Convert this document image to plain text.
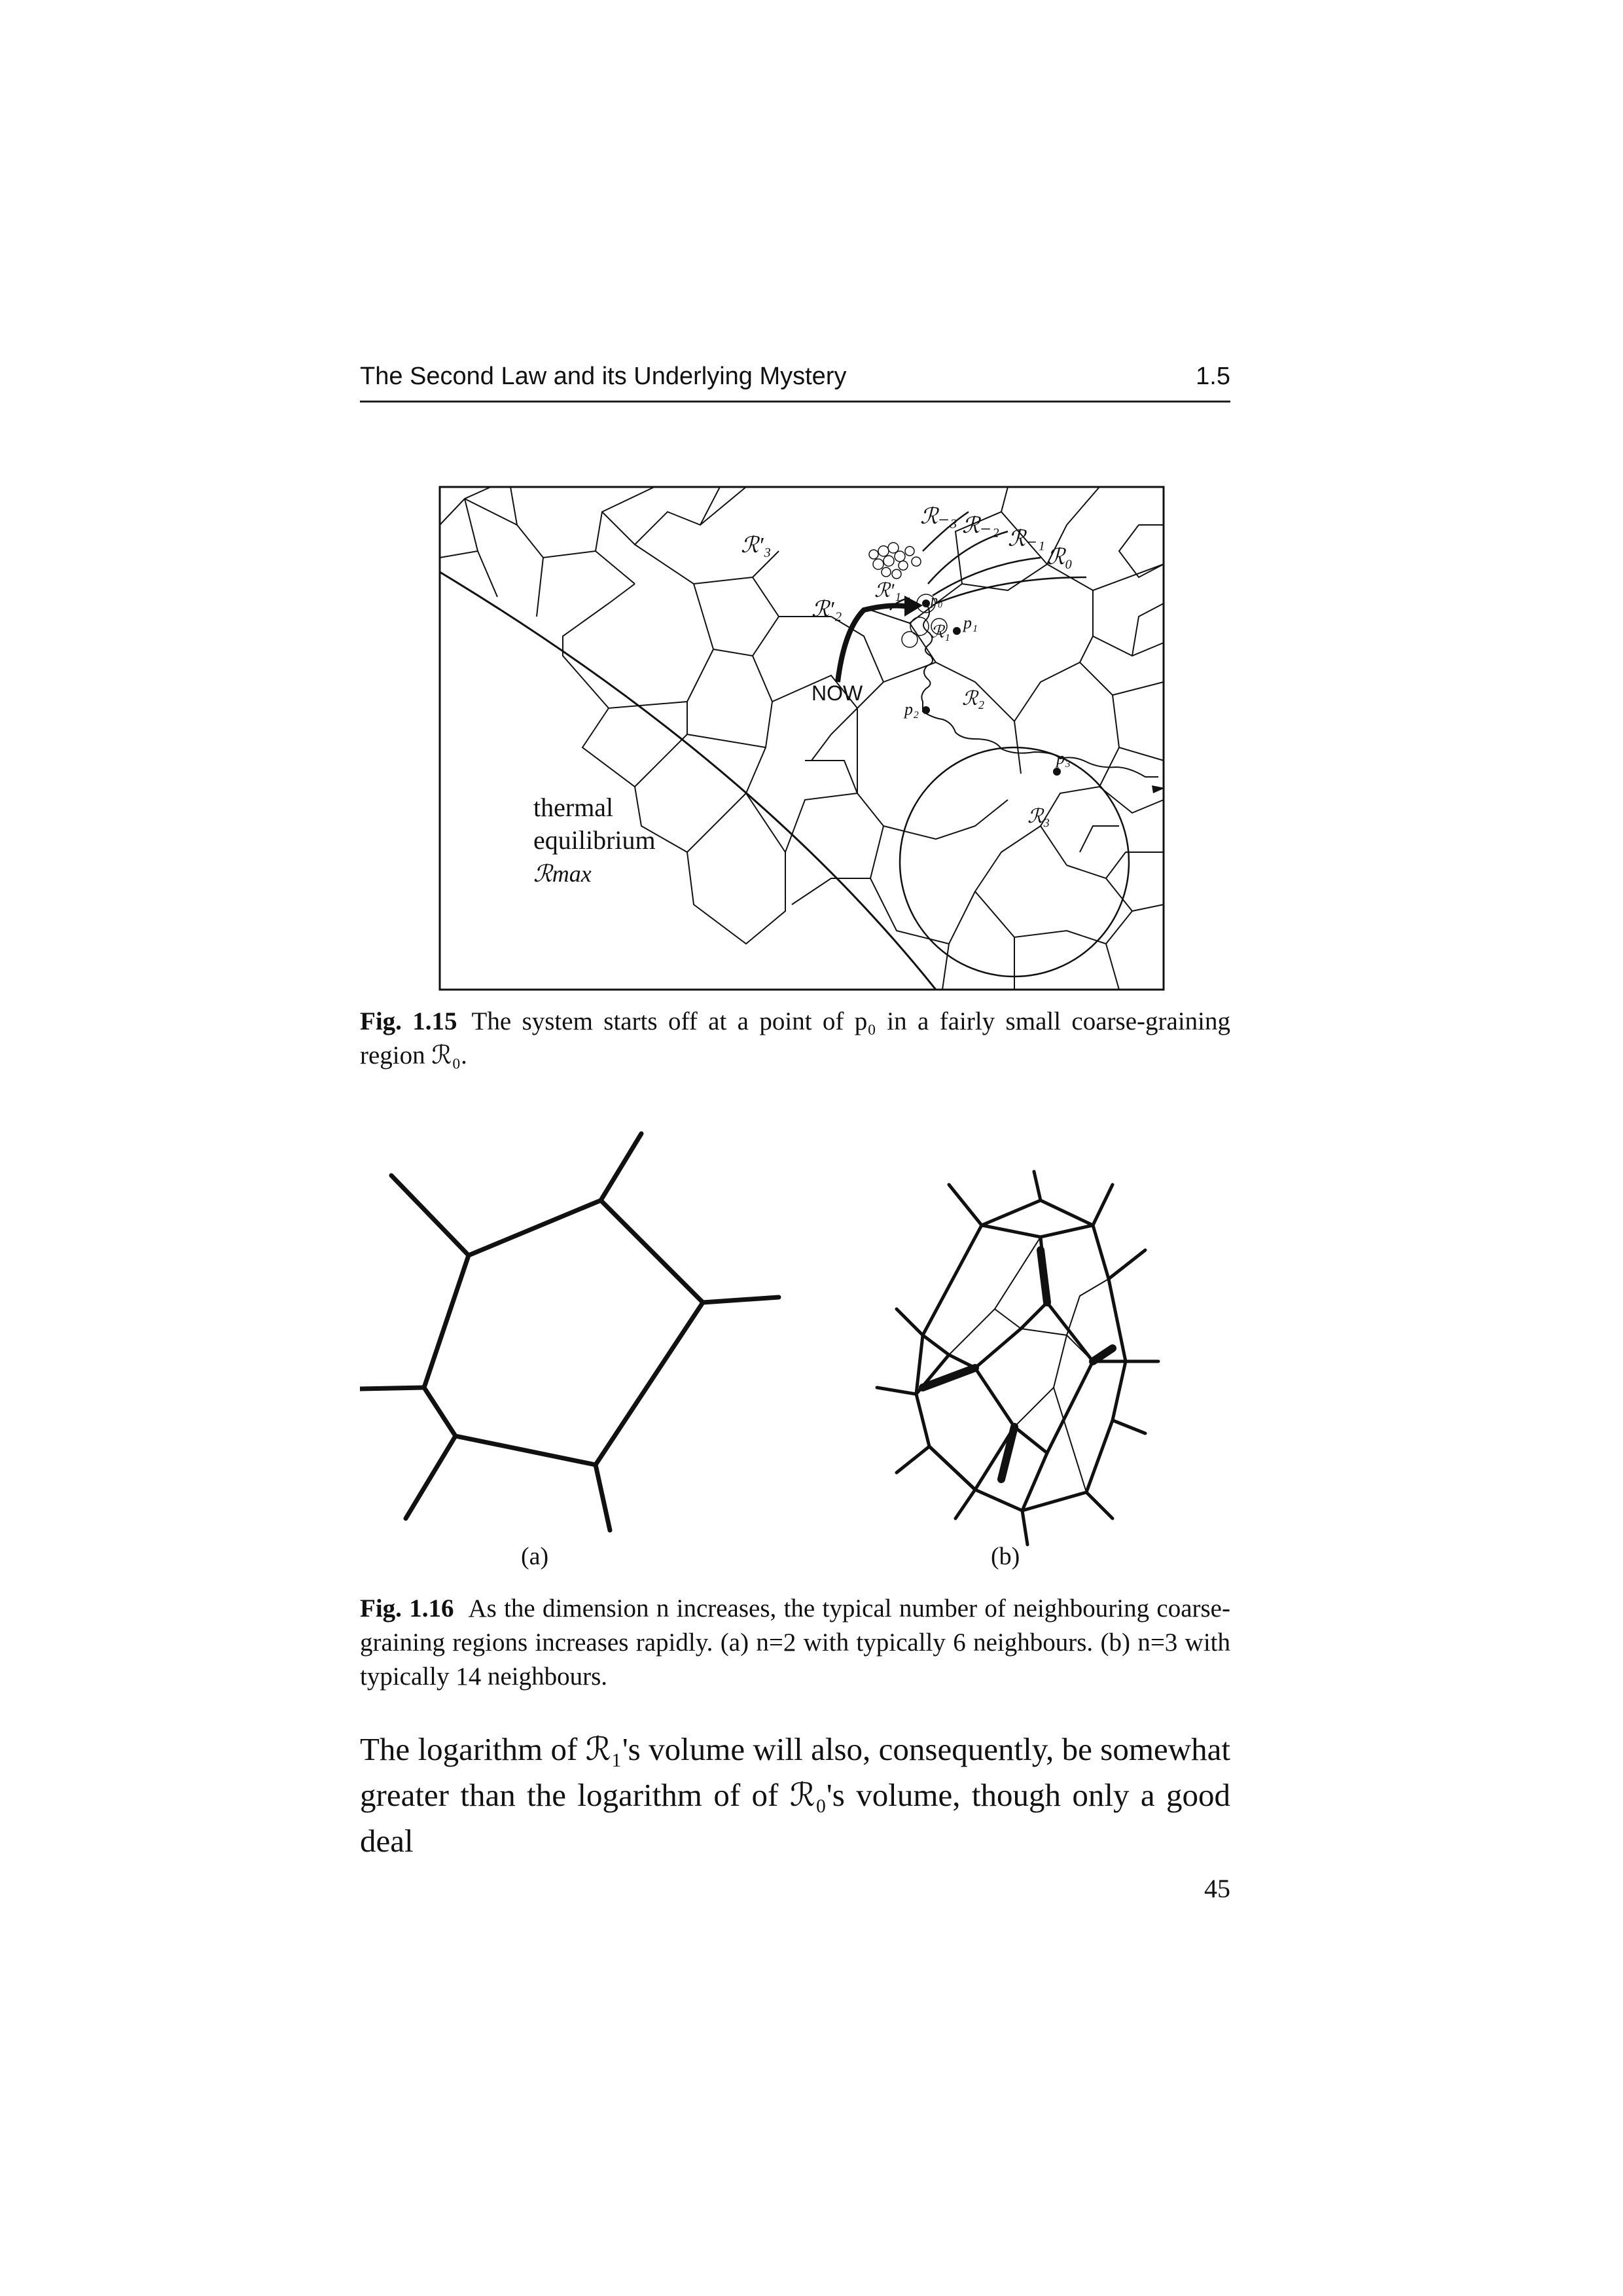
The Second Law and its Underlying Mystery	1.5
ℛ₋₃ ℛ₋₂
ℛ₋₁
ℛ₀
ℛ′₃
ℛ′₂
ℛ′₁
ℛ₁
p₀
p₁
ℛ₂
p₂
p₃
ℛ₃
NOW
thermal
equilibrium
ℛmax
Fig. 1.15 The system starts off at a point of p₀ in a fairly small coarse-graining region ℛ₀.
(a)	(b)
Fig. 1.16 As the dimension n increases, the typical number of neighbouring coarse-graining regions increases rapidly. (a) n=2 with typically 6 neighbours. (b) n=3 with typically 14 neighbours.
The logarithm of ℛ₁'s volume will also, consequently, be somewhat greater than the logarithm of of ℛ₀'s volume, though only a good deal
45
